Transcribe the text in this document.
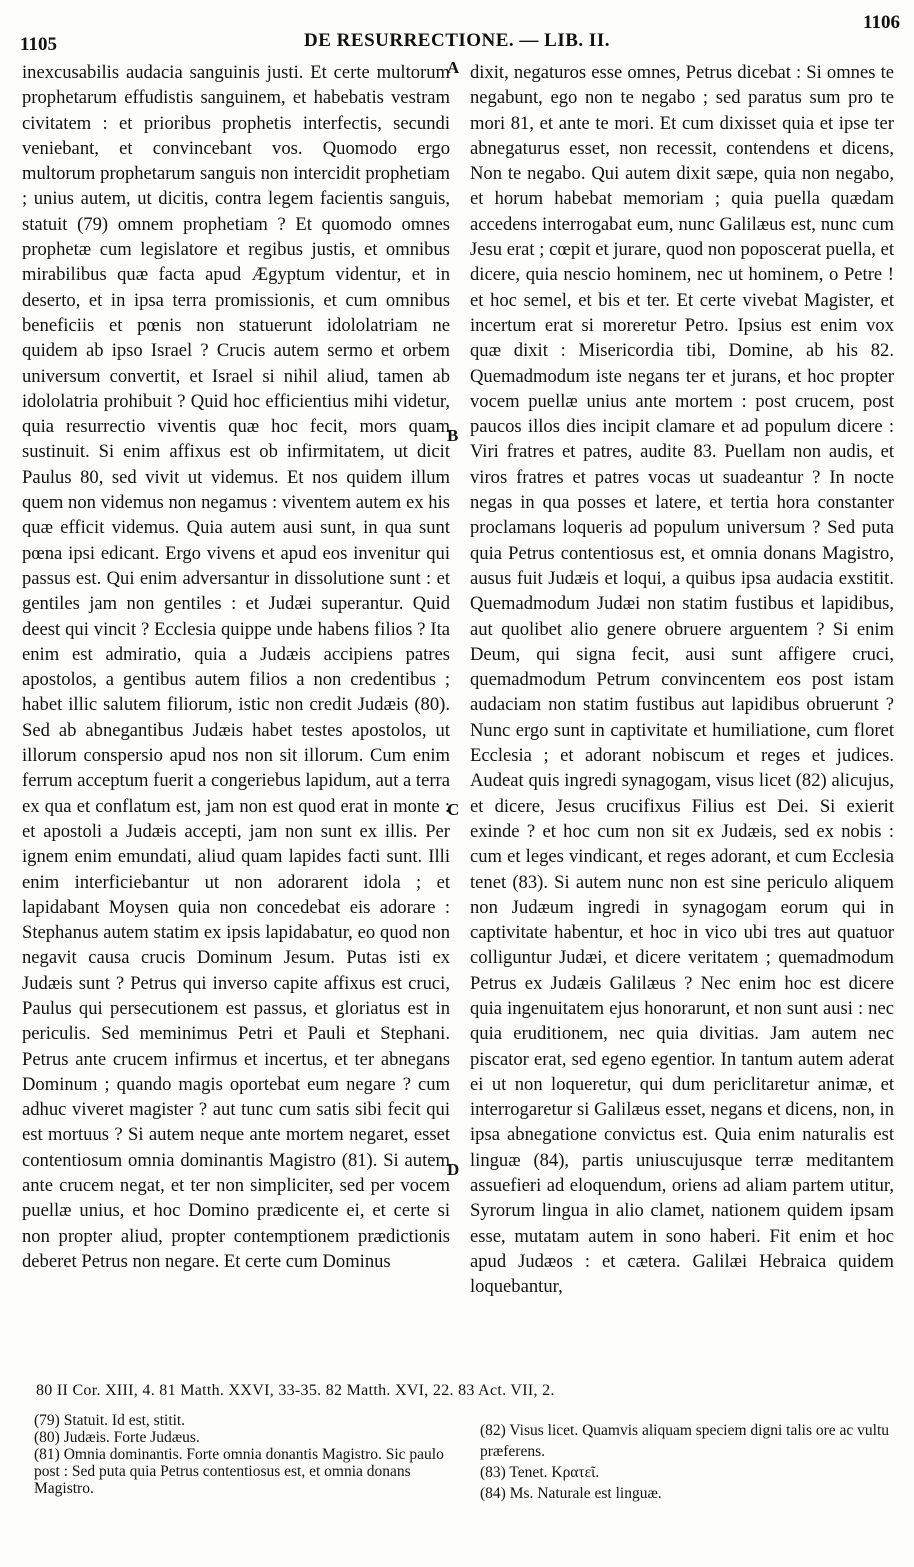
1105	DE RESURRECTIONE. — LIB. II.
1106
inexcusabilis audacia sanguinis justi. Et certe multorum prophetarum effudistis sanguinem, et habebatis vestram civitatem : et prioribus prophetis interfectis, secundi veniebant, et convincebant vos. Quomodo ergo multorum prophetarum sanguis non intercidit prophetiam ; unius autem, ut dicitis, contra legem facientis sanguis, statuit (79) omnem prophetiam ? Et quomodo omnes prophetæ cum legislatore et regibus justis, et omnibus mirabilibus quæ facta apud Ægyptum videntur, et in deserto, et in ipsa terra promissionis, et cum omnibus beneficiis et pœnis non statuerunt idololatriam ne quidem ab ipso Israel ? Crucis autem sermo et orbem universum convertit, et Israel si nihil aliud, tamen ab idololatria prohibuit ? Quid hoc efficientius mihi videtur, quia resurrectio viventis quæ hoc fecit, mors quam sustinuit. Si enim affixus est ob infirmitatem, ut dicit Paulus 80, sed vivit ut videmus. Et nos quidem illum quem non videmus non negamus : viventem autem ex his quæ efficit videmus. Quia autem ausi sunt, in qua sunt pœna ipsi edicant. Ergo vivens et apud eos invenitur qui passus est. Qui enim adversantur in dissolutione sunt : et gentiles jam non gentiles : et Judæi superantur. Quid deest qui vincit ? Ecclesia quippe unde habens filios ? Ita enim est admiratio, quia a Judæis accipiens patres apostolos, a gentibus autem filios a non credentibus ; habet illic salutem filiorum, istic non credit Judæis (80). Sed ab abnegantibus Judæis habet testes apostolos, ut illorum conspersio apud nos non sit illorum. Cum enim ferrum acceptum fuerit a congeriebus lapidum, aut a terra ex qua et conflatum est, jam non est quod erat in monte : et apostoli a Judæis accepti, jam non sunt ex illis. Per ignem enim emundati, aliud quam lapides facti sunt. Illi enim interficiebantur ut non adorarent idola ; et lapidabant Moysen quia non concedebat eis adorare : Stephanus autem statim ex ipsis lapidabatur, eo quod non negavit causa crucis Dominum Jesum. Putas isti ex Judæis sunt ? Petrus qui inverso capite affixus est cruci, Paulus qui persecutionem est passus, et gloriatus est in periculis. Sed meminimus Petri et Pauli et Stephani. Petrus ante crucem infirmus et incertus, et ter abnegans Dominum ; quando magis oportebat eum negare ? cum adhuc viveret magister ? aut tunc cum satis sibi fecit qui est mortuus ? Si autem neque ante mortem negaret, esset contentiosum omnia dominantis Magistro (81). Si autem ante crucem negat, et ter non simpliciter, sed per vocem puellæ unius, et hoc Domino prædicente ei, et certe si non propter aliud, propter contemptionem prædictionis deberet Petrus non negare. Et certe cum Dominus
dixit, negaturos esse omnes, Petrus dicebat : Si omnes te negabunt, ego non te negabo ; sed paratus sum pro te mori 81, et ante te mori. Et cum dixisset quia et ipse ter abnegaturus esset, non recessit, contendens et dicens, Non te negabo. Qui autem dixit sæpe, quia non negabo, et horum habebat memoriam ; quia puella quædam accedens interrogabat eum, nunc Galilæus est, nunc cum Jesu erat ; cœpit et jurare, quod non poposcerat puella, et dicere, quia nescio hominem, nec ut hominem, o Petre ! et hoc semel, et bis et ter. Et certe vivebat Magister, et incertum erat si moreretur Petro. Ipsius est enim vox quæ dixit : Misericordia tibi, Domine, ab his 82. Quemadmodum iste negans ter et jurans, et hoc propter vocem puellæ unius ante mortem : post crucem, post paucos illos dies incipit clamare et ad populum dicere : Viri fratres et patres, audite 83. Puellam non audis, et viros fratres et patres vocas ut suadeantur ? In nocte negas in qua posses et latere, et tertia hora constanter proclamans loqueris ad populum universum ? Sed puta quia Petrus contentiosus est, et omnia donans Magistro, ausus fuit Judæis et loqui, a quibus ipsa audacia exstitit. Quemadmodum Judæi non statim fustibus et lapidibus, aut quolibet alio genere obruere arguentem ? Si enim Deum, qui signa fecit, ausi sunt affigere cruci, quemadmodum Petrum convincentem eos post istam audaciam non statim fustibus aut lapidibus obruerunt ? Nunc ergo sunt in captivitate et humiliatione, cum floret Ecclesia ; et adorant nobiscum et reges et judices. Audeat quis ingredi synagogam, visus licet (82) alicujus, et dicere, Jesus crucifixus Filius est Dei. Si exierit exinde ? et hoc cum non sit ex Judæis, sed ex nobis : cum et leges vindicant, et reges adorant, et cum Ecclesia tenet (83). Si autem nunc non est sine periculo aliquem non Judæum ingredi in synagogam eorum qui in captivitate habentur, et hoc in vico ubi tres aut quatuor colliguntur Judæi, et dicere veritatem ; quemadmodum Petrus ex Judæis Galilæus ? Nec enim hoc est dicere quia ingenuitatem ejus honorarunt, et non sunt ausi : nec quia eruditionem, nec quia divitias. Jam autem nec piscator erat, sed egeno egentior. In tantum autem aderat ei ut non loqueretur, qui dum periclitaretur animæ, et interrogaretur si Galilæus esset, negans et dicens, non, in ipsa abnegatione convictus est. Quia enim naturalis est linguæ (84), partis uniuscujusque terræ meditantem assuefieri ad eloquendum, oriens ad aliam partem utitur, Syrorum lingua in alio clamet, nationem quidem ipsam esse, mutatam autem in sono haberi. Fit enim et hoc apud Judæos : et cætera. Galilæi Hebraica quidem loquebantur,
A
B
C
D
80 II Cor. XIII, 4. 81 Matth. XXVI, 33-35. 82 Matth. XVI, 22. 83 Act. VII, 2.

(79) Statuit. Id est, stitit.

(80) Judæis. Forte Judæus.

(81) Omnia dominantis. Forte omnia donantis Magistro. Sic paulo post : Sed puta quia Petrus contentiosus est, et omnia donans Magistro.

(82) Visus licet. Quamvis aliquam speciem digni talis ore ac vultu præferens.

(83) Tenet. Κρατεῖ.

(84) Ms. Naturale est linguæ.
